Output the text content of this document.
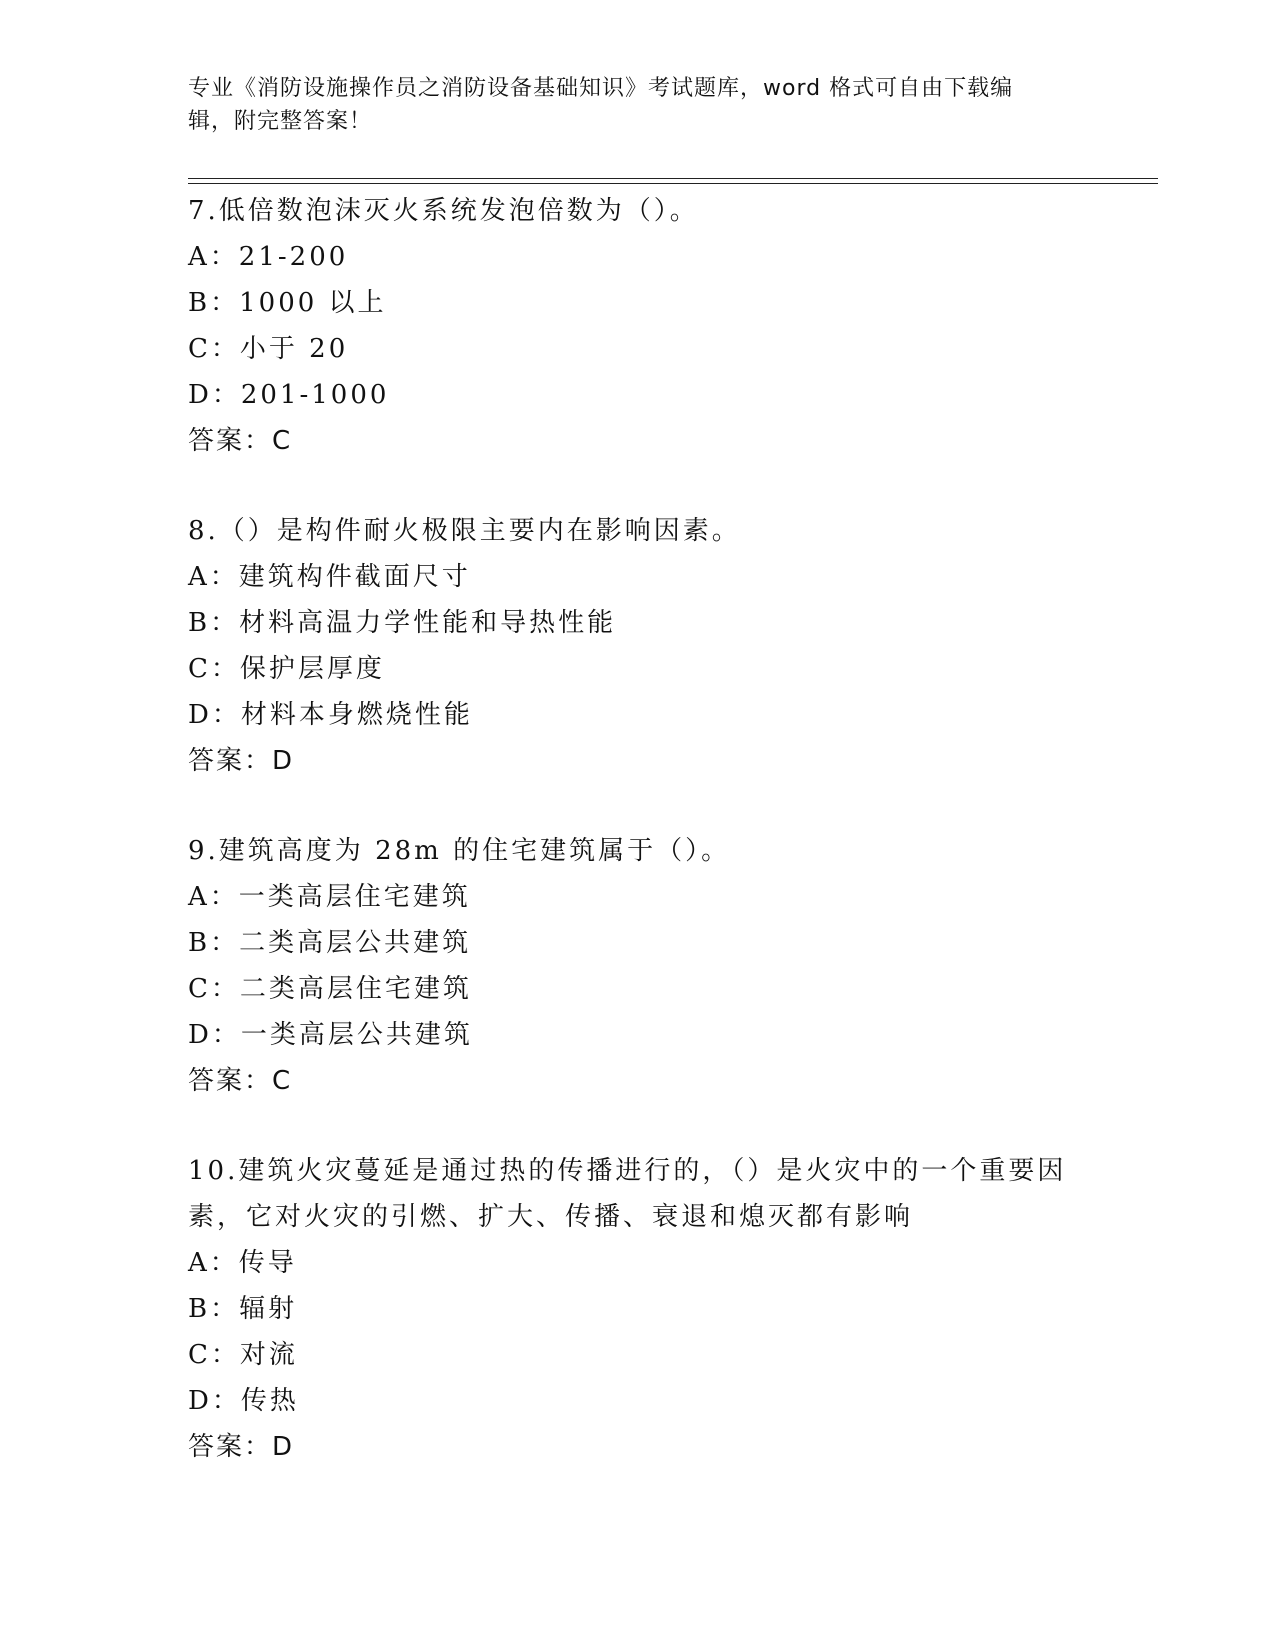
专业《消防设施操作员之消防设备基础知识》考试题库，word 格式可自由下载编
辑，附完整答案！
7.低倍数泡沫灭火系统发泡倍数为（）。
A：21-200
B：1000 以上
C：小于 20
D：201-1000
答案：C
8.（）是构件耐火极限主要内在影响因素。
A：建筑构件截面尺寸
B：材料高温力学性能和导热性能
C：保护层厚度
D：材料本身燃烧性能
答案：D
9.建筑高度为 28m 的住宅建筑属于（）。
A：一类高层住宅建筑
B：二类高层公共建筑
C：二类高层住宅建筑
D：一类高层公共建筑
答案：C
10.建筑火灾蔓延是通过热的传播进行的，（）是火灾中的一个重要因
素，它对火灾的引燃、扩大、传播、衰退和熄灭都有影响
A：传导
B：辐射
C：对流
D：传热
答案：D
